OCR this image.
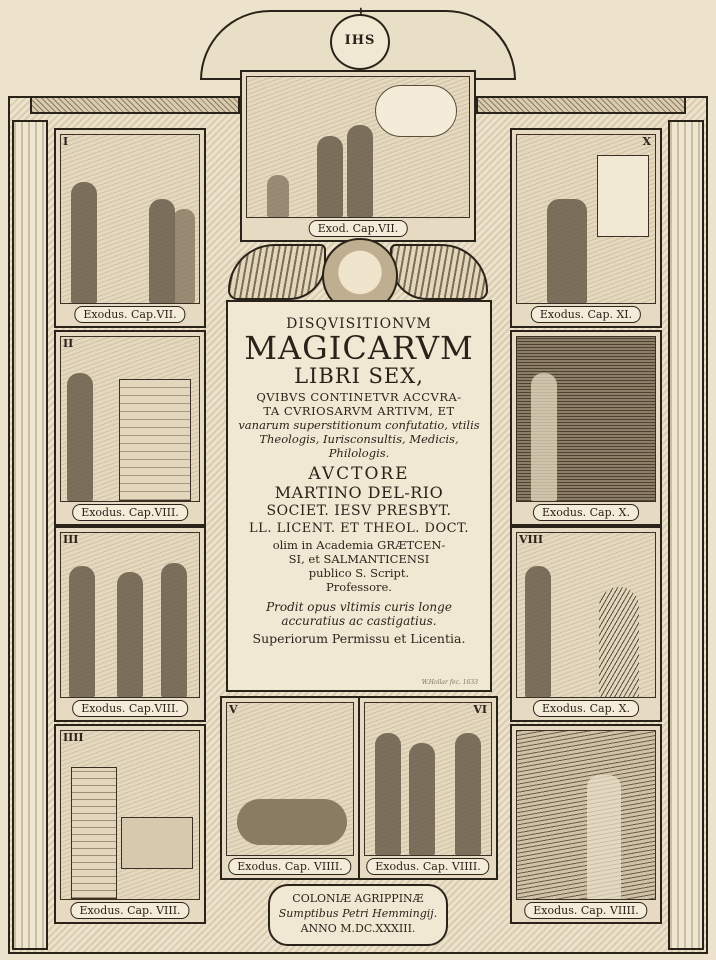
IHS
Exod. Cap.VII.
I
Exodus. Cap.VII.
II
Exodus. Cap.VIII.
III
Exodus. Cap.VIII.
IIII
Exodus. Cap. VIII.
X
Exodus. Cap. XI.
Exodus. Cap. X.
VIII
Exodus. Cap. X.
Exodus. Cap. VIIII.
V
Exodus. Cap. VIIII.
VI
Exodus. Cap. VIIII.
DISQVISITIONVM
MAGICARVM
LIBRI SEX,
QVIBVS CONTINETVR ACCVRA-
TA CVRIOSARVM ARTIVM, ET
vanarum superstitionum confutatio, vtilis
Theologis, Iurisconsultis, Medicis,
Philologis.
AVCTORE
MARTINO DEL-RIO
SOCIET. IESV PRESBYT.
LL. LICENT. ET THEOL. DOCT.
olim in Academia GRÆTCEN-
SI, et SALMANTICENSI
publico S. Script.
Professore.
Prodit opus vltimis curis longe
accuratius ac castigatius.
Superiorum Permissu et Licentia.
W.Hollar fec. 1633
COLONIÆ AGRIPPINÆ
Sumptibus Petri Hemmingij.
ANNO M.DC.XXXIII.
